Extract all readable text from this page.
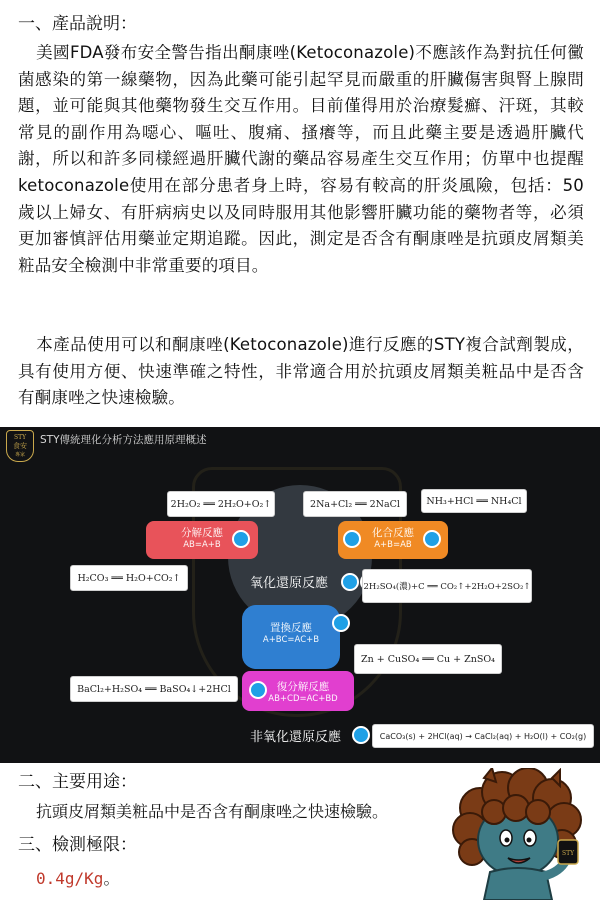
一、產品說明：

美國FDA發布安全警告指出酮康唑(Ketoconazole)不應該作為對抗任何黴菌感染的第一線藥物，因為此藥可能引起罕見而嚴重的肝臟傷害與腎上腺問題，並可能與其他藥物發生交互作用。目前僅得用於治療髮癬、汗斑，其較常見的副作用為噁心、嘔吐、腹痛、搔癢等，而且此藥主要是透過肝臟代謝，所以和許多同樣經過肝臟代謝的藥品容易產生交互作用；仿單中也提醒ketoconazole使用在部分患者身上時，容易有較高的肝炎風險，包括：50歲以上婦女、有肝病病史以及同時服用其他影響肝臟功能的藥物者等，必須更加審慎評估用藥並定期追蹤。因此，測定是否含有酮康唑是抗頭皮屑類美粧品安全檢測中非常重要的項目。

本產品使用可以和酮康唑(Ketoconazole)進行反應的STY複合試劑製成，具有使用方便、快速準確之特性，非常適合用於抗頭皮屑類美粧品中是否含有酮康唑之快速檢驗。

STY
食安
專家
STY傳統理化分析方法應用原理概述
2H₂O₂ ══ 2H₂O+O₂↑	2Na+Cl₂ ══ 2NaCl	NH₃+HCl ══ NH₄Cl
分解反應
AB=A+B
化合反應
A+B=AB
H₂CO₃ ══ H₂O+CO₂↑	氧化還原反應	2H₂SO₄(濃)+C ══ CO₂↑+2H₂O+2SO₂↑
置換反應
A+BC=AC+B
Zn + CuSO₄ ══ Cu + ZnSO₄
BaCl₂+H₂SO₄ ══ BaSO₄↓+2HCl	復分解反應
AB+CD=AC+BD
非氧化還原反應	CaCO₃(s) + 2HCl(aq) → CaCl₂(aq) + H₂O(l) + CO₂(g)
二、主要用途：
抗頭皮屑類美粧品中是否含有酮康唑之快速檢驗。
三、檢測極限：
0.4g/Kg。
STY
